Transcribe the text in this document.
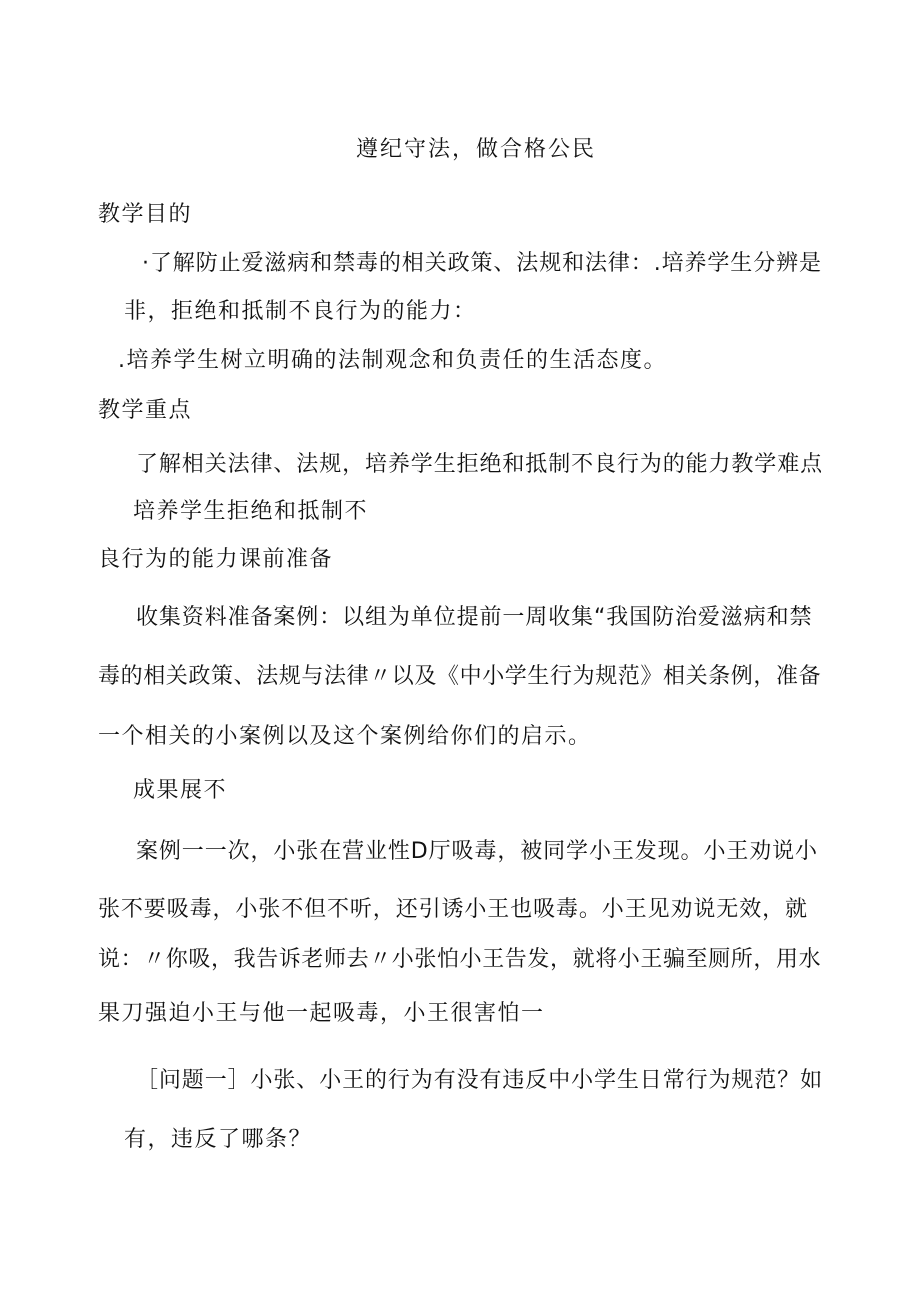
遵纪守法，做合格公民
教学目的
·了解防止爱滋病和禁毒的相关政策、法规和法律：.培养学生分辨是
非，拒绝和抵制不良行为的能力：
.培养学生树立明确的法制观念和负责任的生活态度。
教学重点
了解相关法律、法规，培养学生拒绝和抵制不良行为的能力教学难点
培养学生拒绝和抵制不
良行为的能力课前准备
收集资料准备案例：以组为单位提前一周收集“我国防治爱滋病和禁
毒的相关政策、法规与法律〃以及《中小学生行为规范》相关条例，准备
一个相关的小案例以及这个案例给你们的启示。
成果展不
案例一一次，小张在营业性D厅吸毒，被同学小王发现。小王劝说小
张不要吸毒，小张不但不听，还引诱小王也吸毒。小王见劝说无效，就
说：〃你吸，我告诉老师去〃小张怕小王告发，就将小王骗至厕所，用水
果刀强迫小王与他一起吸毒，小王很害怕一
［问题一］小张、小王的行为有没有违反中小学生日常行为规范？如
有，违反了哪条？
